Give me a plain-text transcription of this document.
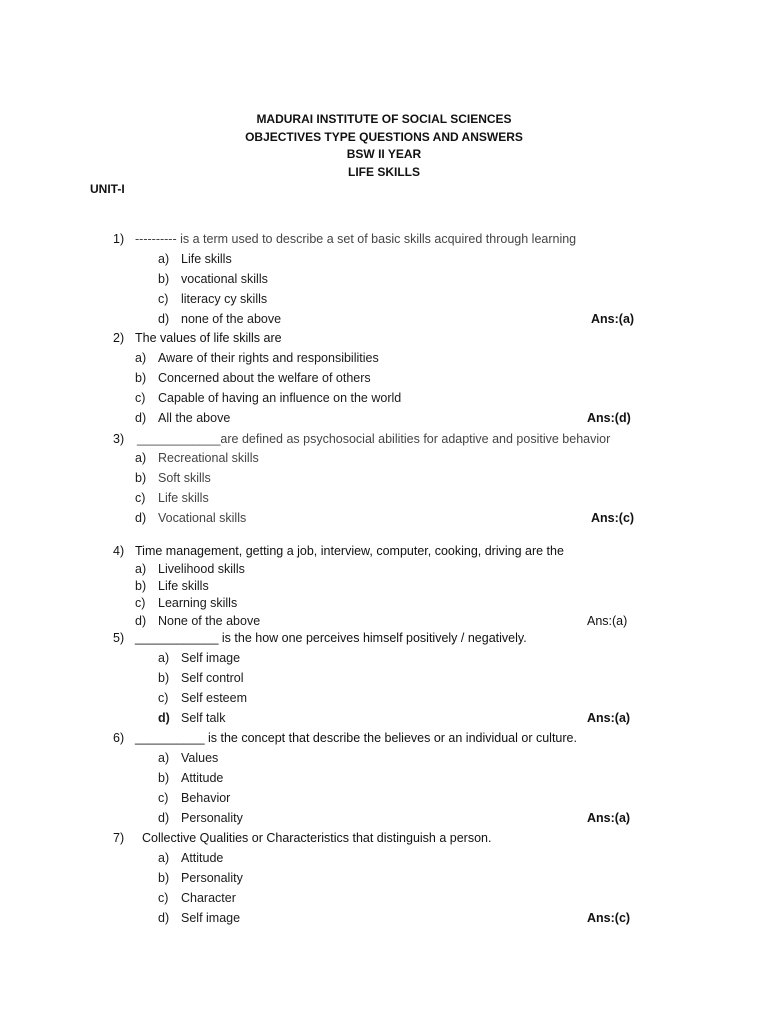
MADURAI INSTITUTE OF SOCIAL SCIENCES
OBJECTIVES TYPE QUESTIONS AND ANSWERS
BSW II YEAR
LIFE SKILLS
UNIT-I
1) ---------- is a term used to describe a set of basic skills acquired through learning
a) Life skills
b) vocational skills
c) literacy cy skills
d) none of the above	Ans:(a)
2) The values of life skills are
a) Aware of their rights and responsibilities
b) Concerned about the welfare of others
c) Capable of having an influence on the world
d) All the above	Ans:(d)
3) ____________are defined as psychosocial abilities for adaptive and positive behavior
a) Recreational skills
b) Soft skills
c) Life skills
d) Vocational skills	Ans:(c)
4) Time management, getting a job, interview, computer, cooking, driving are the
a) Livelihood skills
b) Life skills
c) Learning skills
d) None of the above	Ans:(a)
5) ____________ is the how one perceives himself positively / negatively.
a) Self image
b) Self control
c) Self esteem
d) Self talk	Ans:(a)
6) __________ is the concept that describe the believes or an individual or culture.
a) Values
b) Attitude
c) Behavior
d) Personality	Ans:(a)
7) Collective Qualities or Characteristics that distinguish a person.
a) Attitude
b) Personality
c) Character
d) Self image	Ans:(c)
